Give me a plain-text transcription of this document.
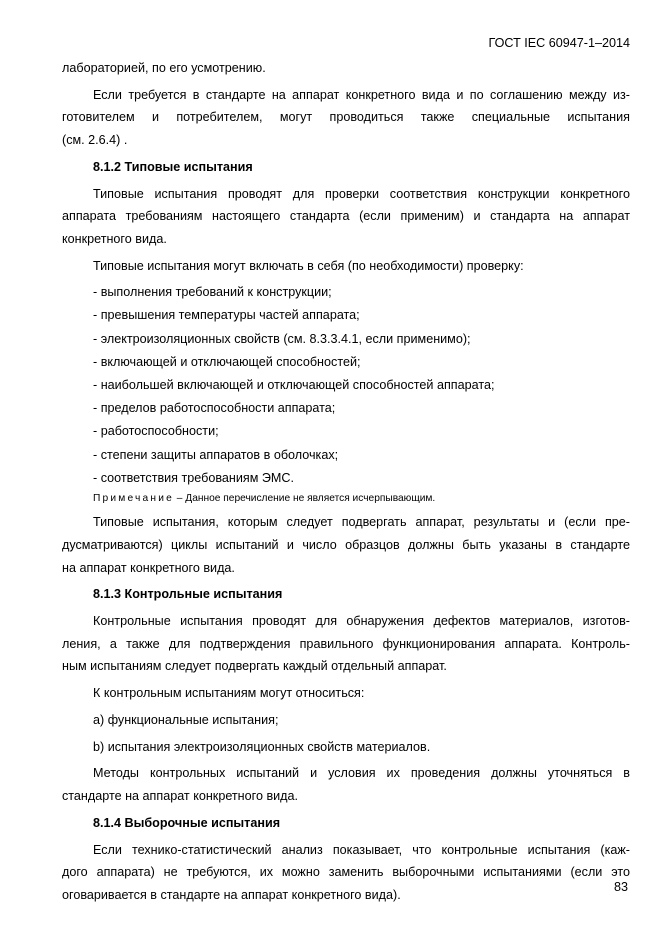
ГОСТ IEC 60947-1–2014
лабораторией, по его усмотрению.
Если требуется в стандарте на аппарат конкретного вида и по соглашению между из-
готовителем и потребителем, могут проводиться также специальные испытания
(см. 2.6.4) .
8.1.2 Типовые испытания
Типовые испытания проводят для проверки соответствия конструкции конкретного
аппарата требованиям настоящего стандарта (если применим) и стандарта на аппарат
конкретного вида.
Типовые испытания могут включать в себя (по необходимости) проверку:
- выполнения требований к конструкции;
- превышения температуры частей аппарата;
- электроизоляционных свойств (см. 8.3.3.4.1, если применимо);
- включающей и отключающей способностей;
- наибольшей включающей и отключающей способностей аппарата;
- пределов работоспособности аппарата;
- работоспособности;
- степени защиты аппаратов в оболочках;
- соответствия требованиям ЭМС.
Примечание – Данное перечисление не является исчерпывающим.
Типовые испытания, которым следует подвергать аппарат, результаты и (если пре-
дусматриваются) циклы испытаний и число образцов должны быть указаны в стандарте
на аппарат конкретного вида.
8.1.3 Контрольные испытания
Контрольные испытания проводят для обнаружения дефектов материалов, изготов-
ления, а также для подтверждения правильного функционирования аппарата. Контроль-
ным испытаниям следует подвергать каждый отдельный аппарат.
К контрольным испытаниям могут относиться:
a) функциональные испытания;
b) испытания электроизоляционных свойств материалов.
Методы контрольных испытаний и условия их проведения должны уточняться в
стандарте на аппарат конкретного вида.
8.1.4 Выборочные испытания
Если технико-статистический анализ показывает, что контрольные испытания (каж-
дого аппарата) не требуются, их можно заменить выборочными испытаниями (если это
оговаривается в стандарте на аппарат конкретного вида).
83
